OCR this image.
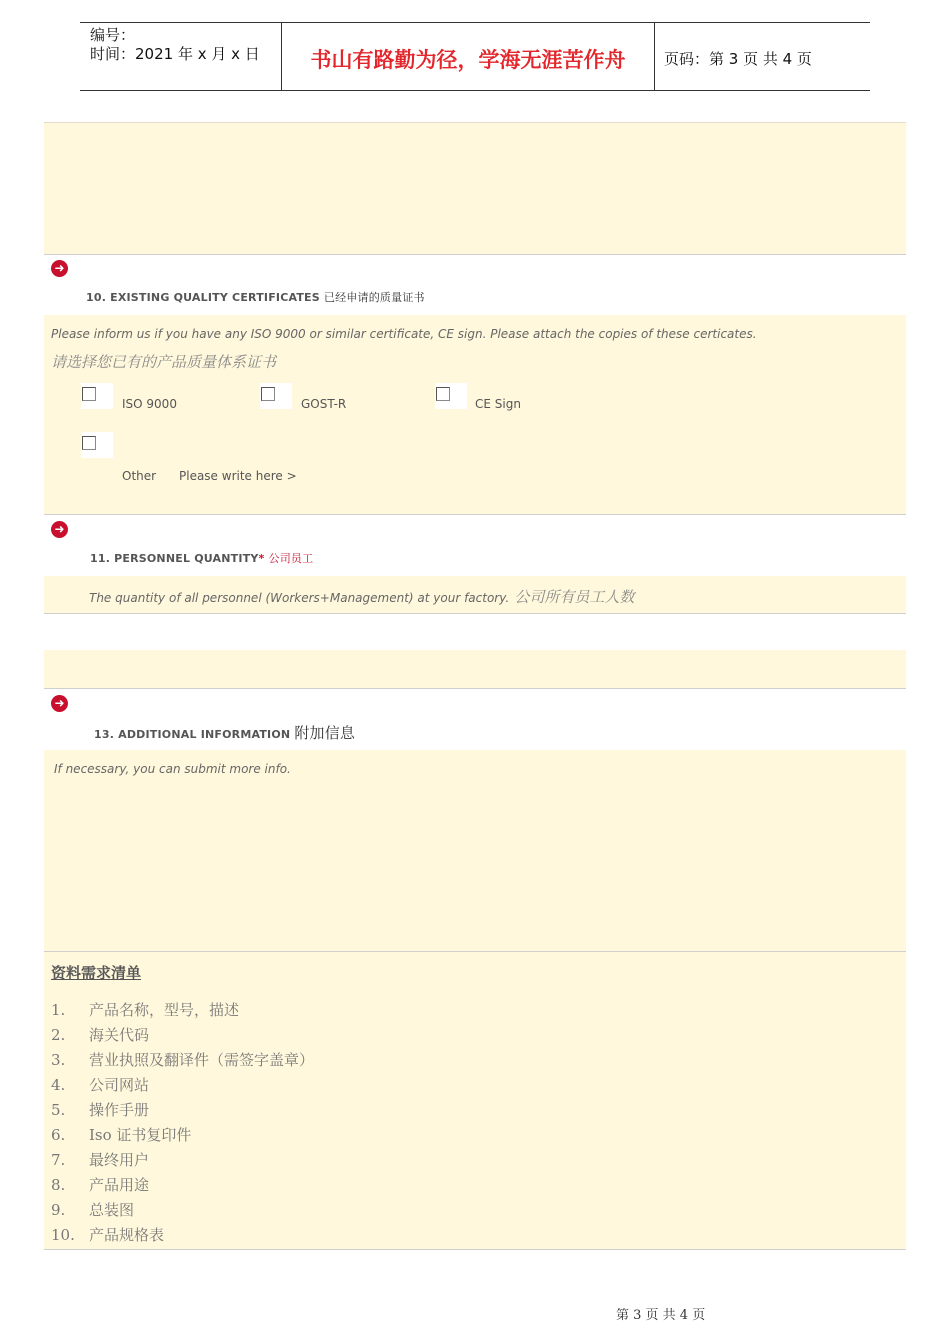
编号：
时间：2021 年 x 月 x 日	书山有路勤为径，学海无涯苦作舟	页码：第 3 页 共 4 页
➜
10. EXISTING QUALITY CERTIFICATES 已经申请的质量证书
Please inform us if you have any ISO 9000 or similar certificate, CE sign. Please attach the copies of these certicates.
请选择您已有的产品质量体系证书
ISO 9000	GOST-R	CE Sign
Other Please write here >
➜
11. PERSONNEL QUANTITY* 公司员工
The quantity of all personnel (Workers+Management) at your factory. 公司所有员工人数
➜
13. ADDITIONAL INFORMATION 附加信息
If necessary, you can submit more info.
资料需求清单
1. 产品名称，型号，描述
2. 海关代码
3. 营业执照及翻译件（需签字盖章）
4. 公司网站
5. 操作手册
6. Iso 证书复印件
7. 最终用户
8. 产品用途
9. 总装图
10. 产品规格表
第 3 页 共 4 页
